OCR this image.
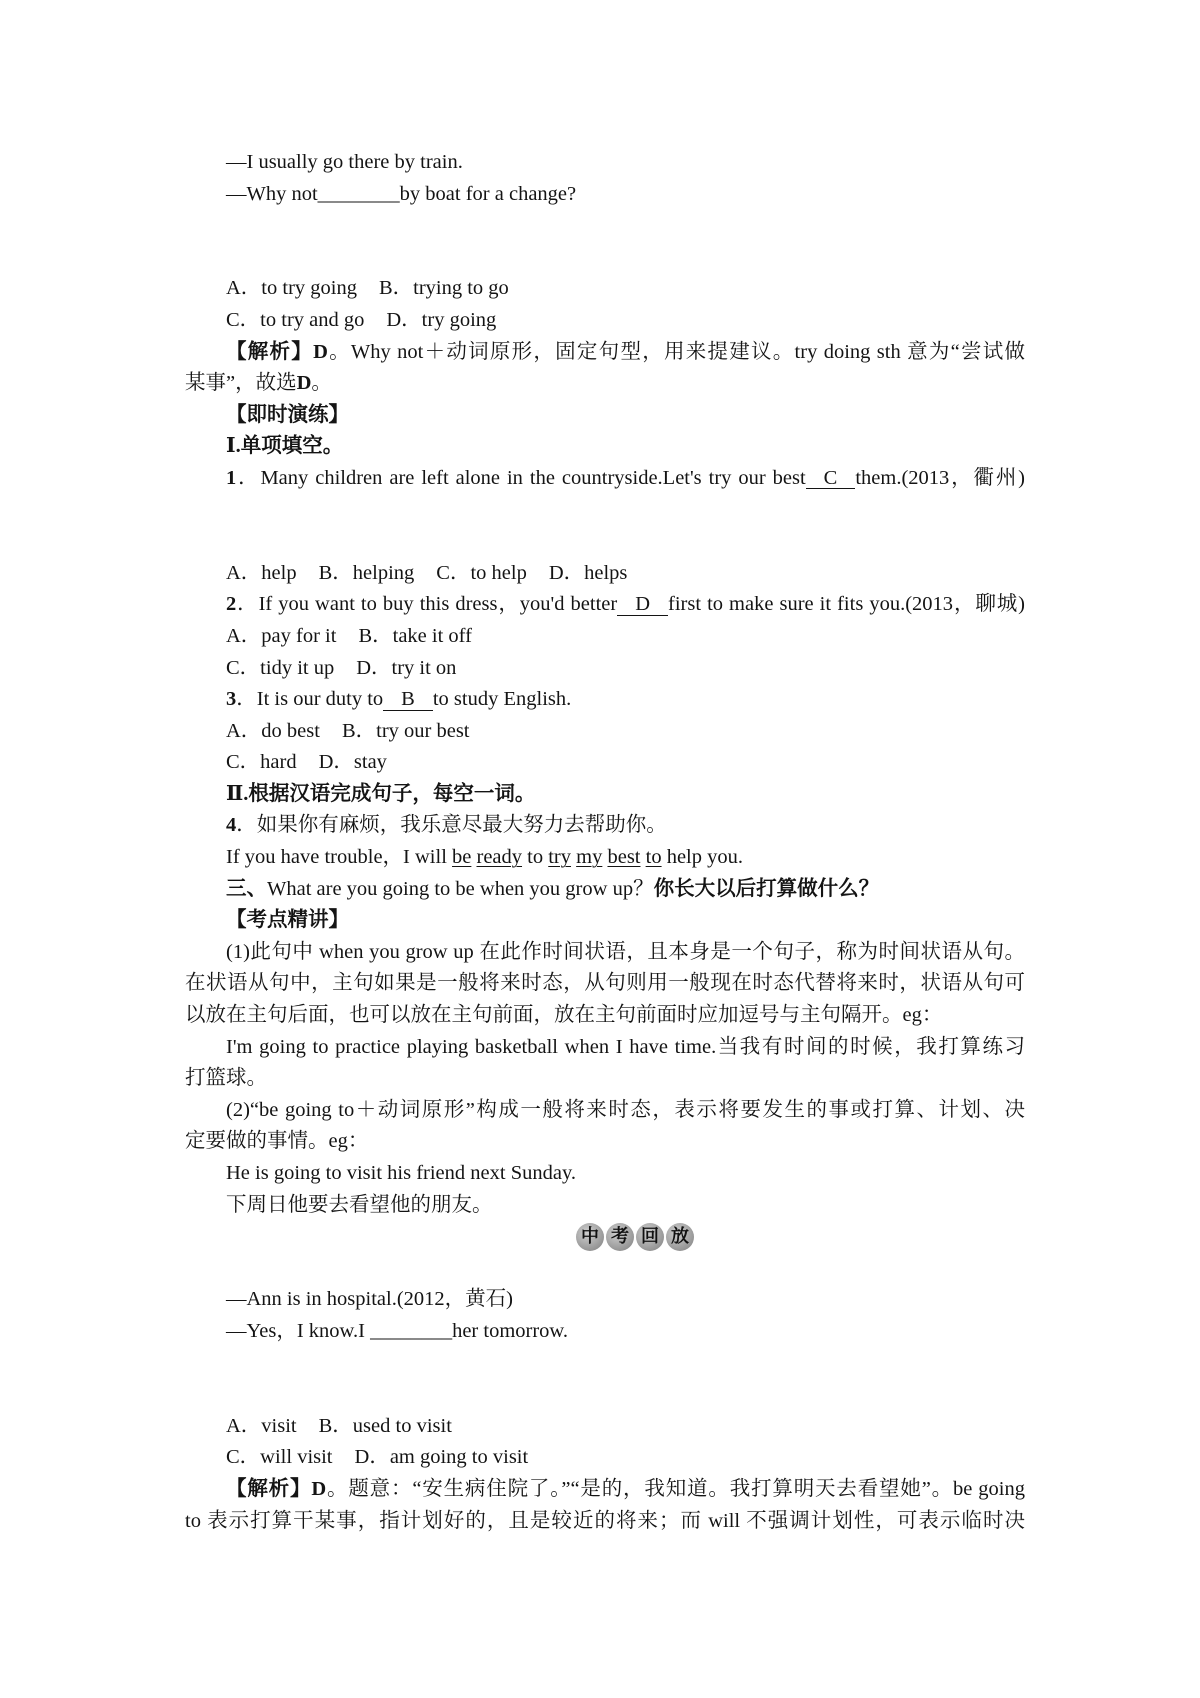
—I usually go there by train.
—Why not________by boat for a change?
A．to try going B．trying to go
C．to try and go D．try going
【解析】D。Why not＋动词原形，固定句型，用来提建议。try doing sth 意为“尝试做
某事”，故选D。
【即时演练】
Ⅰ.单项填空。
1．Many children are left alone in the countryside.Let's try our best C them.(2013，衢州)
A．help B．helping C．to help D．helps
2．If you want to buy this dress，you'd better D first to make sure it fits you.(2013，聊城)
A．pay for it B．take it off
C．tidy it up D．try it on
3．It is our duty to B to study English.
A．do best B．try our best
C．hard D．stay
Ⅱ.根据汉语完成句子，每空一词。
4．如果你有麻烦，我乐意尽最大努力去帮助你。
If you have trouble，I will be ready to try my best to help you.
三、What are you going to be when you grow up？你长大以后打算做什么？
【考点精讲】
(1)此句中 when you grow up 在此作时间状语，且本身是一个句子，称为时间状语从句。
在状语从句中，主句如果是一般将来时态，从句则用一般现在时态代替将来时，状语从句可
以放在主句后面，也可以放在主句前面，放在主句前面时应加逗号与主句隔开。eg：
I'm going to practice playing basketball when I have time.当我有时间的时候，我打算练习
打篮球。
(2)“be going to＋动词原形”构成一般将来时态，表示将要发生的事或打算、计划、决
定要做的事情。eg：
He is going to visit his friend next Sunday.
下周日他要去看望他的朋友。
中 考 回 放
—Ann is in hospital.(2012，黄石)
—Yes，I know.I ________her tomorrow.
A．visit B．used to visit
C．will visit D．am going to visit
【解析】D。题意：“安生病住院了。”“是的，我知道。我打算明天去看望她”。be going
to 表示打算干某事，指计划好的，且是较近的将来；而 will 不强调计划性，可表示临时决
